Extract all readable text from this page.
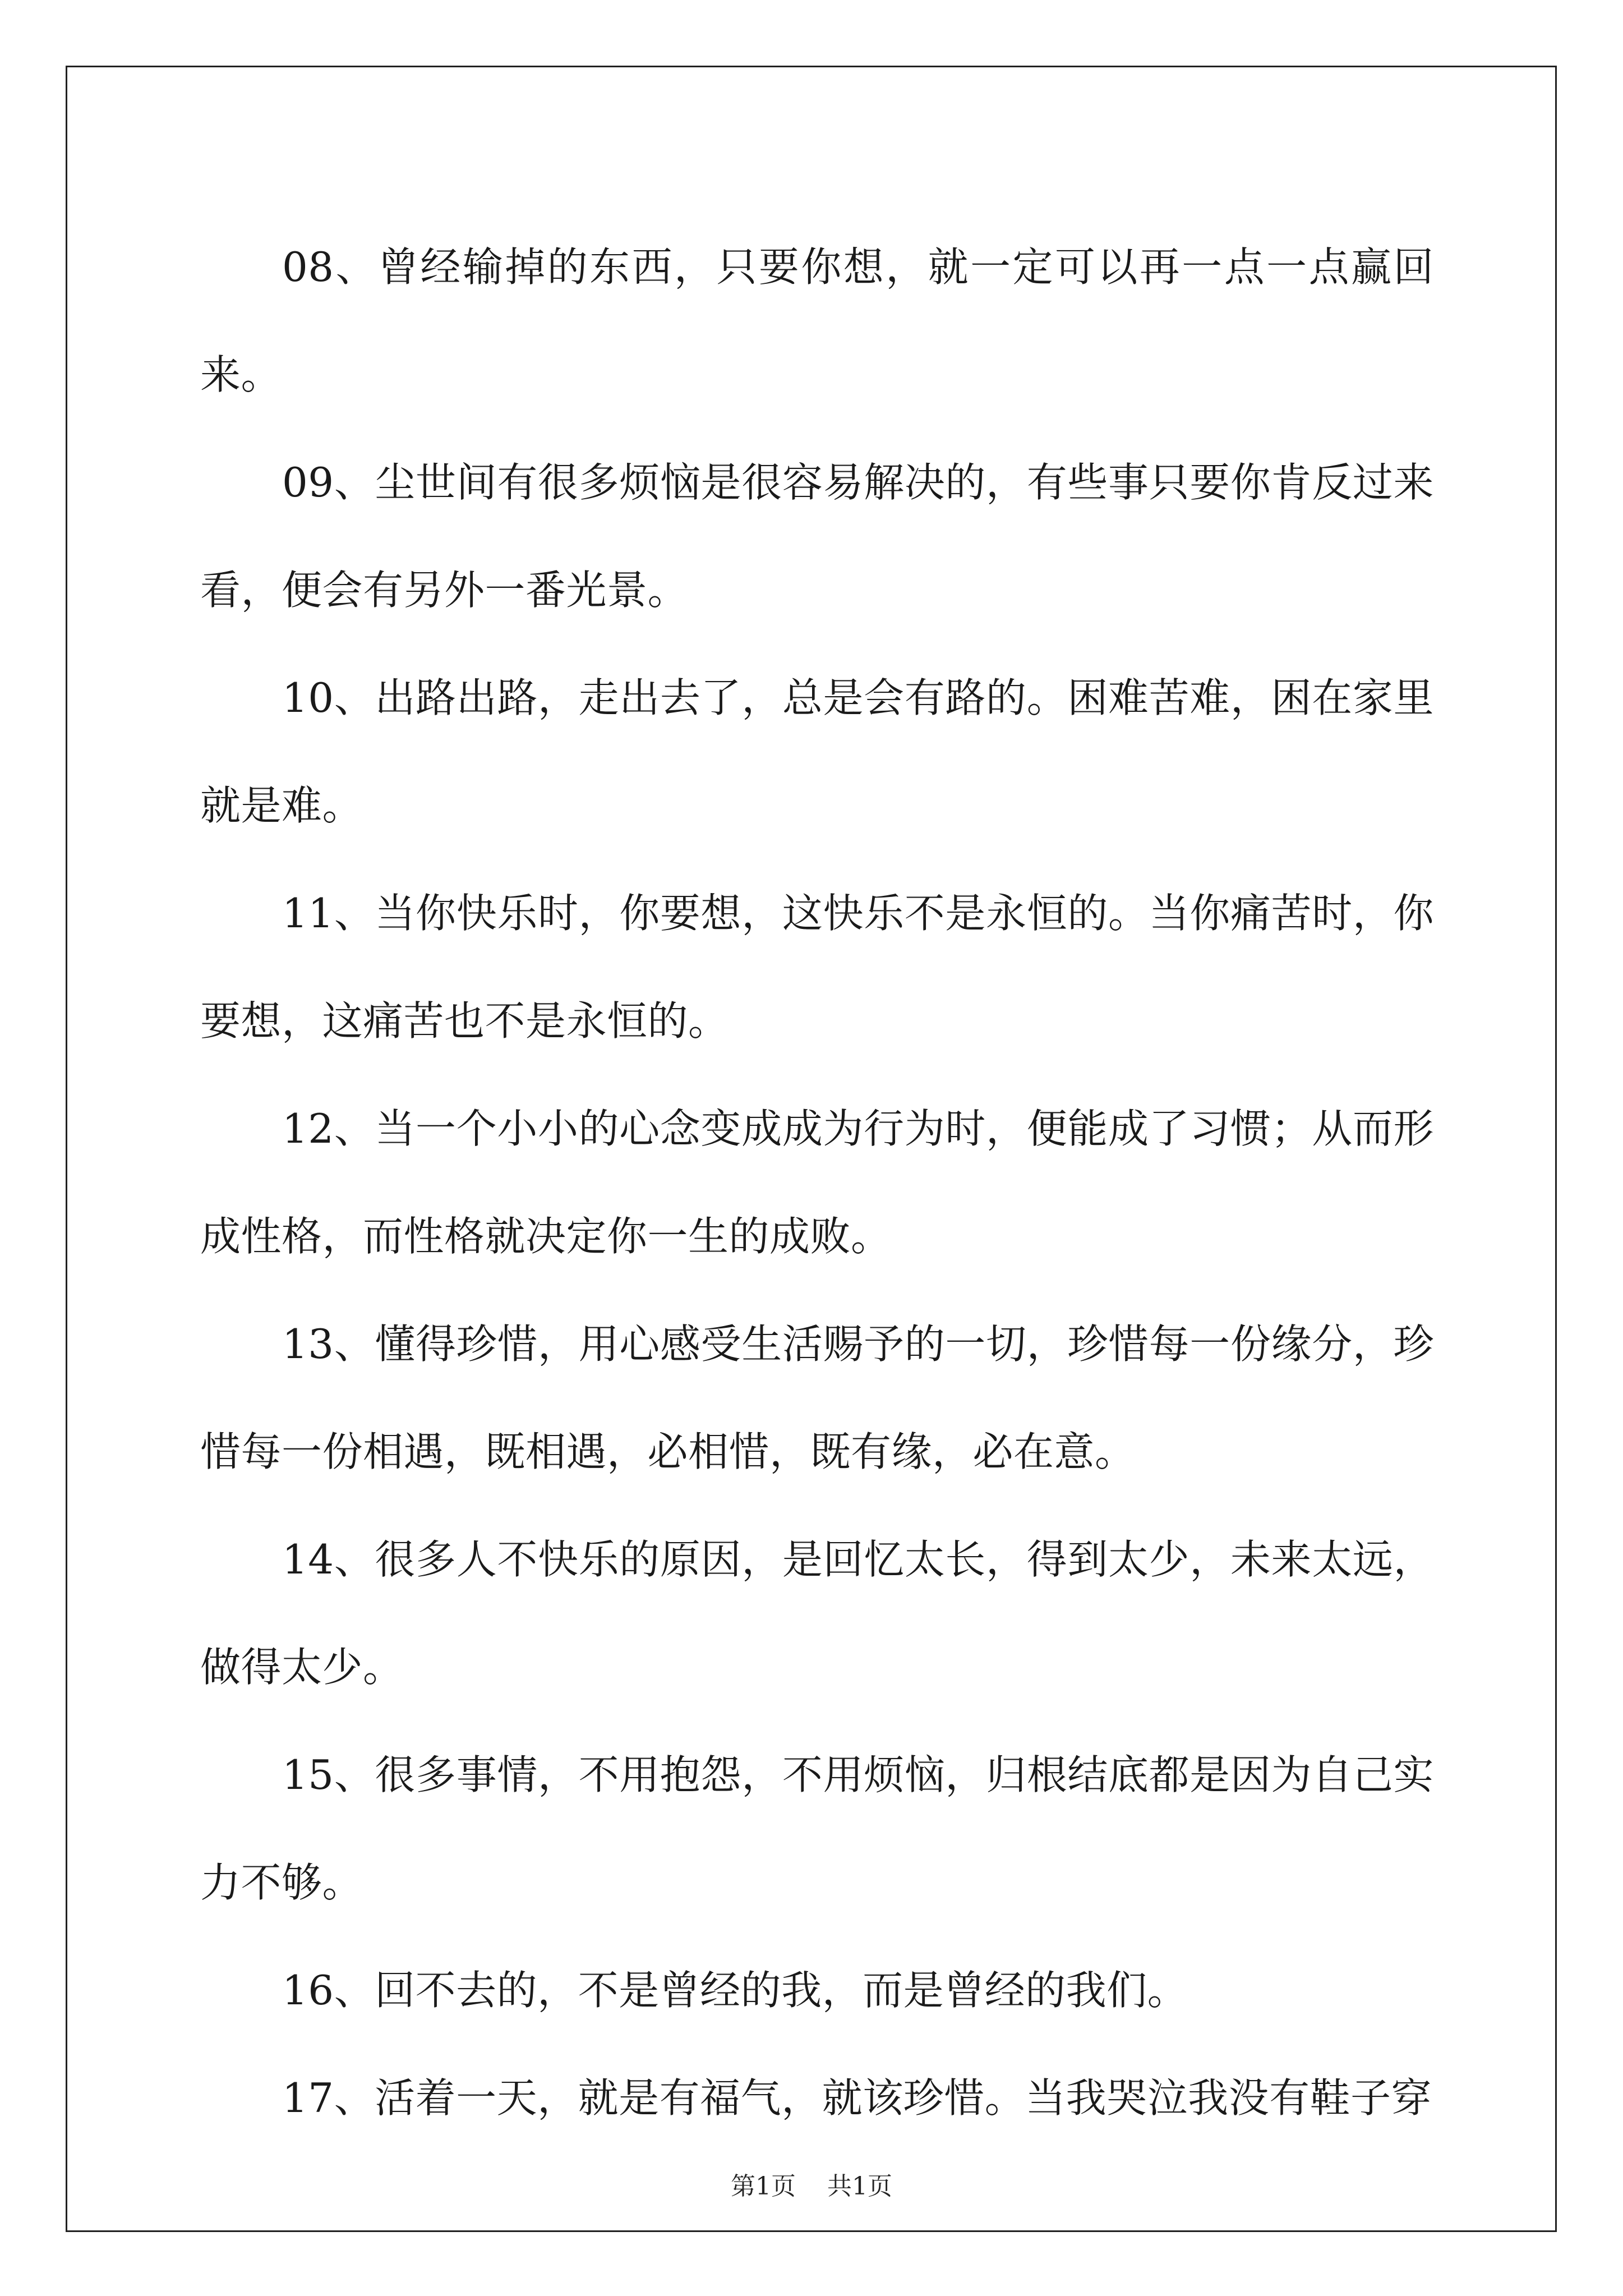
08、曾经输掉的东西，只要你想，就一定可以再一点一点赢回来。

09、尘世间有很多烦恼是很容易解决的，有些事只要你肯反过来看，便会有另外一番光景。

10、出路出路，走出去了，总是会有路的。困难苦难，困在家里就是难。

11、当你快乐时，你要想，这快乐不是永恒的。当你痛苦时，你要想，这痛苦也不是永恒的。

12、当一个小小的心念变成成为行为时，便能成了习惯；从而形成性格，而性格就决定你一生的成败。

13、懂得珍惜，用心感受生活赐予的一切，珍惜每一份缘分，珍惜每一份相遇，既相遇，必相惜，既有缘，必在意。

14、很多人不快乐的原因，是回忆太长，得到太少，未来太远，做得太少。

15、很多事情，不用抱怨，不用烦恼，归根结底都是因为自己实力不够。

16、回不去的，不是曾经的我，而是曾经的我们。

17、活着一天，就是有福气，就该珍惜。当我哭泣我没有鞋子穿

第1页 共1页
